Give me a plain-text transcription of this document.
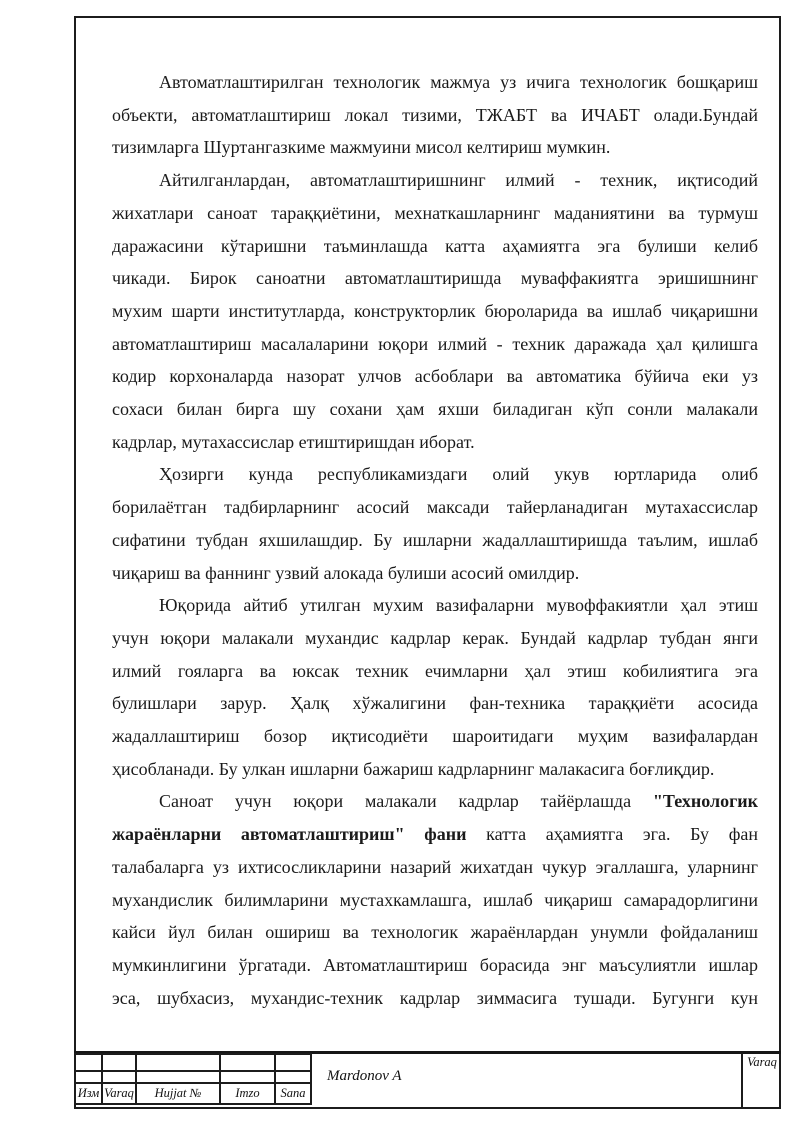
Автоматлаштирилган технологик мажмуа уз ичига технологик бошқариш
объекти, автоматлаштириш локал тизими, ТЖАБТ ва ИЧАБТ олади.Бундай
тизимларга Шуртангазкиме мажмуини мисол келтириш мумкин.
Айтилганлардан, автоматлаштиришнинг илмий - техник, иқтисодий
жихатлари саноат тараққиётини, мехнаткашларнинг маданиятини ва турмуш
даражасини кўтаришни таъминлашда катта аҳамиятга эга булиши келиб
чикади. Бирок саноатни автоматлаштиришда муваффакиятга эришишнинг
мухим шарти институтларда, конструкторлик бюроларида ва ишлаб чиқаришни
автоматлаштириш масалаларини юқори илмий - техник даражада ҳал қилишга
кодир корхоналарда назорат улчов асбоблари ва автоматика бўйича еки уз
сохаси билан бирга шу сохани ҳам яхши биладиган кўп сонли малакали
кадрлар, мутахассислар етиштиришдан иборат.
Ҳозирги кунда республикамиздаги олий укув юртларида олиб
борилаётган тадбирларнинг асосий максади тайерланадиган мутахассислар
сифатини тубдан яхшилашдир. Бу ишларни жадаллаштиришда таълим, ишлаб
чиқариш ва фаннинг узвий алокада булиши асосий омилдир.
Юқорида айтиб утилган мухим вазифаларни мувоффакиятли ҳал этиш
учун юқори малакали мухандис кадрлар керак. Бундай кадрлар тубдан янги
илмий гояларга ва юксак техник ечимларни ҳал этиш кобилиятига эга
булишлари зарур. Ҳалқ хўжалигини фан-техника тараққиёти асосида
жадаллаштириш бозор иқтисодиёти шароитидаги муҳим вазифалардан
ҳисобланади. Бу улкан ишларни бажариш кадрларнинг малакасига боғлиқдир.
Саноат учун юқори малакали кадрлар тайёрлашда "Технологик
жараёнларни автоматлаштириш" фани катта аҳамиятга эга. Бу фан
талабаларга уз ихтисосликларини назарий жихатдан чукур эгаллашга, уларнинг
мухандислик билимларини мустахкамлашга, ишлаб чиқариш самарадорлигини
кайси йул билан ошириш ва технологик жараёнлардан унумли фойдаланиш
мумкинлигини ўргатади. Автоматлаштириш борасида энг маъсулиятли ишлар
эса, шубхасиз, мухандис-техник кадрлар зиммасига тушади. Бугунги кун

Изм	Varaq	Hujjat №	Imzo	Sana
Mardonov A
Varaq
